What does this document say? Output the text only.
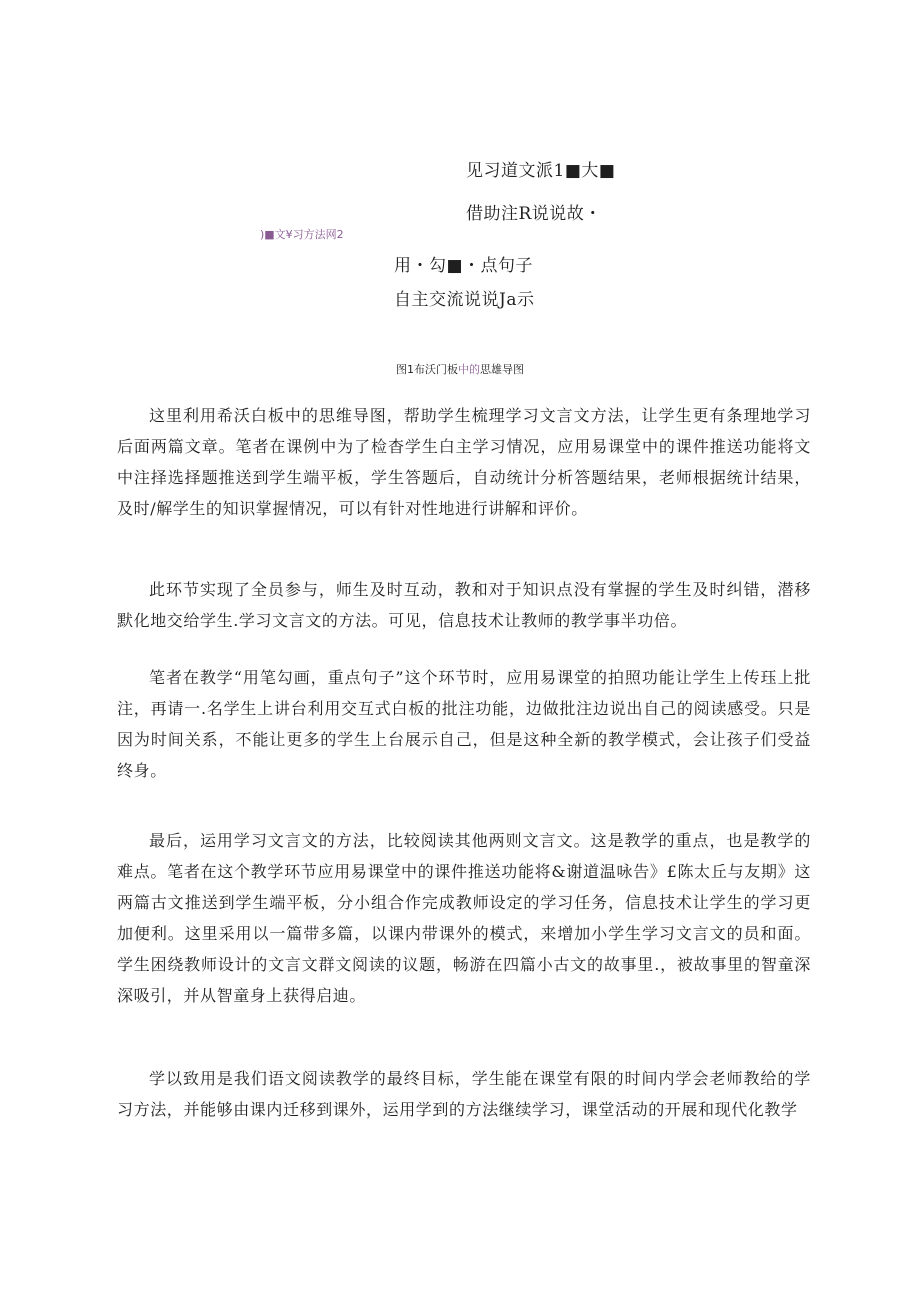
见习道文派1■大■
借助注R说说故・
)■文¥习方法网2
用・勾■・点句子
自主交流说说Ja示
图1布沃门板中的思雄导图

这里利用希沃白板中的思维导图，帮助学生梳理学习文言文方法，让学生更有条理地学习后面两篇文章。笔者在课例中为了检杳学生白主学习情况，应用易课堂中的课件推送功能将文中注择选择题推送到学生端平板，学生答题后，自动统计分析答题结果，老师根据统计结果，及时/解学生的知识掌握情况，可以有针对性地进行讲解和评价。

此环节实现了全员参与，师生及时互动，教和对于知识点没有掌握的学生及时纠错，潜移默化地交给学生.学习文言文的方法。可见，信息技术让教师的教学事半功倍。

笔者在教学“用笔勾画，重点句子”这个环节时，应用易课堂的拍照功能让学生上传珏上批注，再请一.名学生上讲台利用交互式白板的批注功能，边做批注边说出自己的阅读感受。只是因为时间关系，不能让更多的学生上台展示自己，但是这种全新的教学模式，会让孩子们受益终身。

最后，运用学习文言文的方法，比较阅读其他两则文言文。这是教学的重点，也是教学的难点。笔者在这个教学环节应用易课堂中的课件推送功能将&谢道温咏告》£陈太丘与友期》这两篇古文推送到学生端平板，分小组合作完成教师设定的学习任务，信息技术让学生的学习更加便利。这里采用以一篇带多篇，以课内带课外的模式，来增加小学生学习文言文的员和面。学生困绕教师设计的文言文群文阅读的议题，畅游在四篇小古文的故事里.，被故事里的智童深深吸引，并从智童身上获得启迪。

学以致用是我们语文阅读教学的最终目标，学生能在课堂有限的时间内学会老师教给的学习方法，并能够由课内迁移到课外，运用学到的方法继续学习，课堂活动的开展和现代化教学
